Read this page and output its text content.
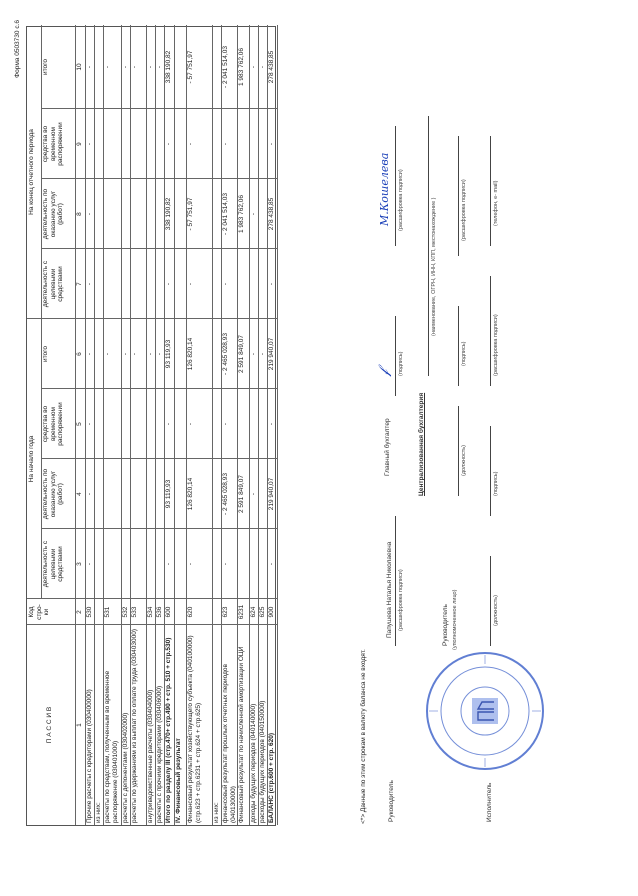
Форма 0503730 с.6
П А С С И В
Код стро-ки
На начало года
На конец отчетного периода
деятельность с целевыми средствами
деятельность по оказанию услуг (работ)
средства во временном распоряжении
итого
деятельность с целевыми средствами
деятельность по оказанию услуг (работ)
средства во временном распоряжении
итого
1
2
3
4
5
6
7
8
9
10
Прочие расчеты с кредиторами (030400000)
530
-
-
-
-
-
-
-
-
из них: расчеты по средствам, полученным во временное распоряжение (030401000)
531
-
-
расчеты с депонентами (030402000)
532
-
-
расчеты по удержаниям из выплат по оплате труда (030403000)
533
-
-
внутриведомственные расчеты (030404000)
534
-
-
расчеты с прочими кредиторами (030406000)
536
-
-
Итого по разделу III (стр.470+ стр.490 + стр. 510 + стр.530)
600
-
93 119,93
-
93 119,93
-
338 190,82
-
338 190,82
IV. Финансовый результат Финансовый результат хозяйствующего субъекта (040100000) (стр.623 + стр.6231 + стр.624 + стр.625)
620
-
126 820,14
-
126 820,14
-
- 57 751,97
-
- 57 751,97
из них: финансовый результат прошлых отчетных периодов (040130000)
623
-
- 2 465 028,93
-
- 2 465 028,93
-
- 2 041 514,03
-
- 2 041 514,03
Финансовый результат по начисленной амортизации ОЦИ
6231
2 591 849,07
2 591 849,07
1 983 762,06
1 983 762,06
доходы будущих периодов (040140000)
624
-
-
-
-
расходы будущих периодов (040150000)
625
-
-
БАЛАНС (стр.600 + стр. 620)
900
-
219 940,07
-
219 940,07
-
278 438,85
-
278 438,85
<*> Данные по этим строкам в валюту баланса не входят.	Руководитель
Папушева Наталья Николаевна (расшифровка подписи)
Главный бухгалтер
𝒻 (подпись)
М.Кошелева (расшифровка подписи)
Централизованная бухгалтерия
(наименование, ОГРН, ИНН, КПП, местонахождение )
Руководитель (уполномоченное лицо)
(должность)
(подпись)
(расшифровка подписи)
Исполнитель
(должность)
(подпись)
(расшифровка подписи)
(телефон, e- mail)
